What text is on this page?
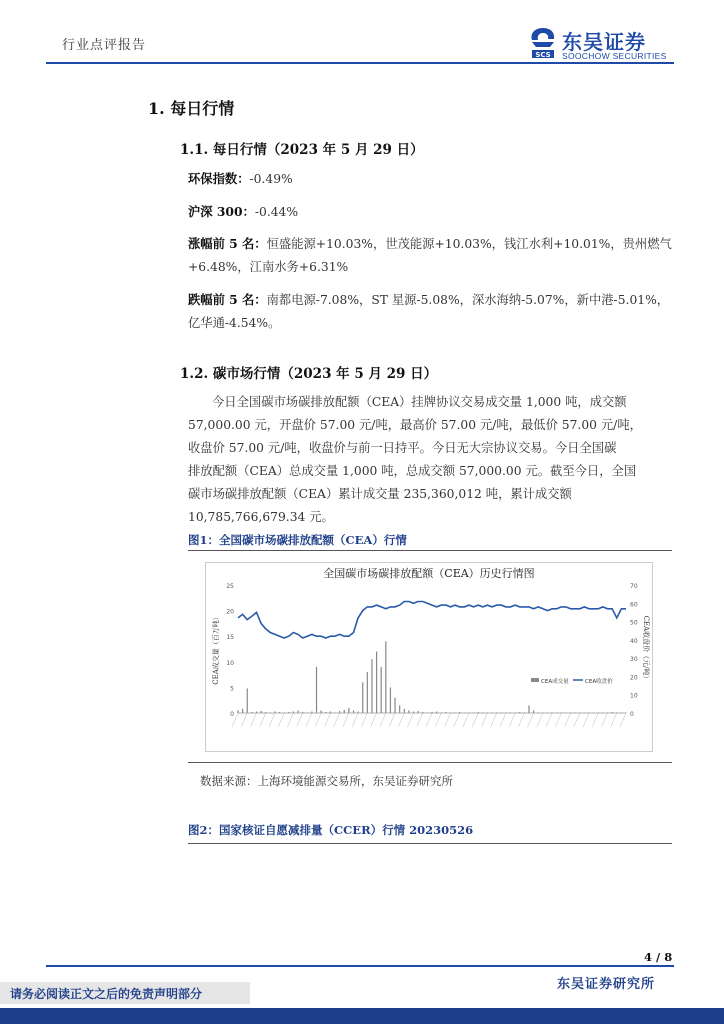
行业点评报告
SCS
东吴证券
SOOCHOW SECURITIES
1. 每日行情
1.1. 每日行情（2023 年 5 月 29 日）
环保指数：-0.49%
沪深 300：-0.44%
涨幅前 5 名：恒盛能源+10.03%，世茂能源+10.03%，钱江水利+10.01%，贵州燃气
+6.48%，江南水务+6.31%
跌幅前 5 名：南都电源-7.08%，ST 星源-5.08%，深水海纳-5.07%，新中港-5.01%，
亿华通-4.54%。
1.2. 碳市场行情（2023 年 5 月 29 日）
今日全国碳市场碳排放配额（CEA）挂牌协议交易成交量 1,000 吨，成交额
57,000.00 元，开盘价 57.00 元/吨，最高价 57.00 元/吨，最低价 57.00 元/吨，
收盘价 57.00 元/吨，收盘价与前一日持平。今日无大宗协议交易。今日全国碳
排放配额（CEA）总成交量 1,000 吨，总成交额 57,000.00 元。截至今日，全国
碳市场碳排放配额（CEA）累计成交量 235,360,012 吨，累计成交额
10,785,766,679.34 元。
图1：全国碳市场碳排放配额（CEA）行情
全国碳市场碳排放配额（CEA）历史行情图
25
20
15
10
5
0
70
60
50
40
30
20
10
0
CEA成交量（百万吨）	CEA收盘价（元/吨）
CEA成交量	CEA收盘价
数据来源：上海环境能源交易所，东吴证券研究所
图2：国家核证自愿减排量（CCER）行情 20230526
4 / 8
东吴证券研究所
请务必阅读正文之后的免责声明部分
